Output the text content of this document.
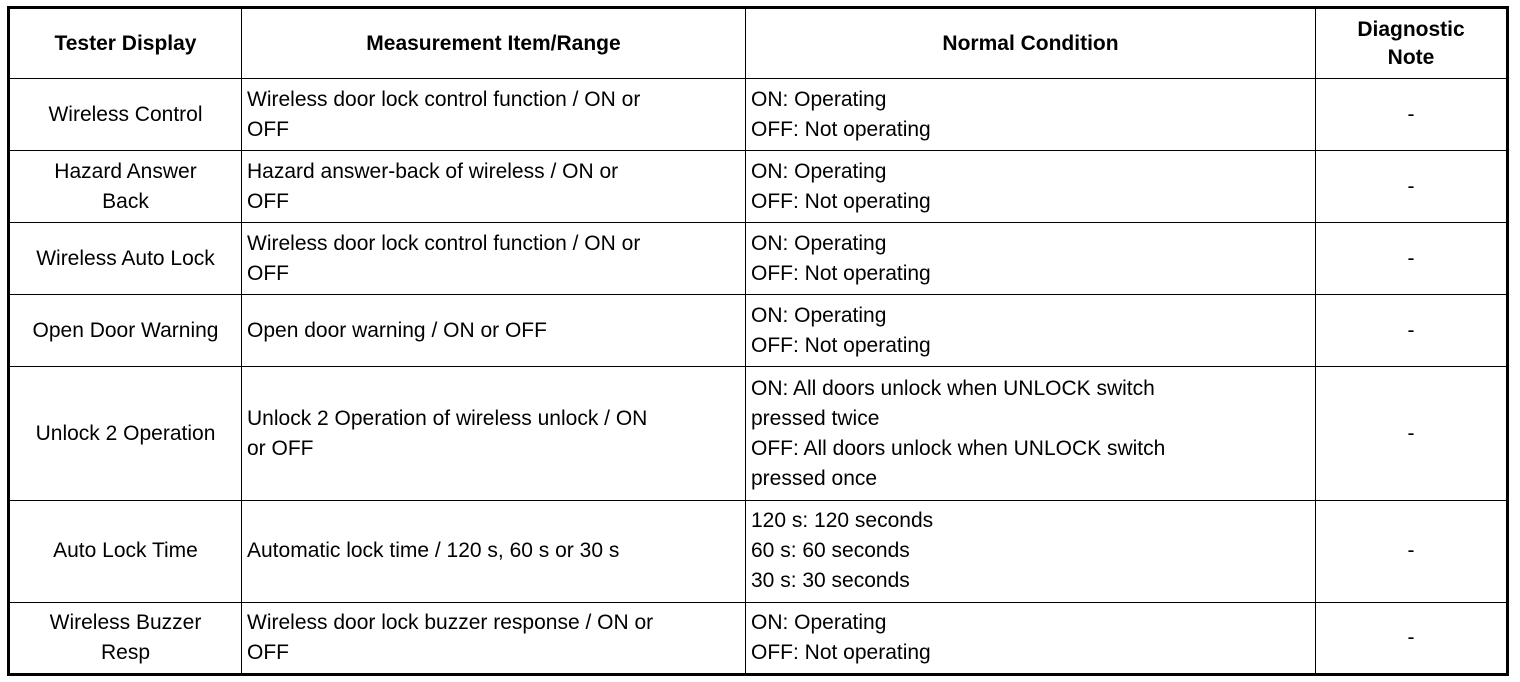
Tester Display	Measurement Item/Range	Normal Condition	Diagnostic
Note

Wireless Control	Wireless door lock control function / ON or
OFF	ON: Operating
OFF: Not operating	-

Hazard Answer
Back	Hazard answer-back of wireless / ON or
OFF	ON: Operating
OFF: Not operating	-

Wireless Auto Lock	Wireless door lock control function / ON or
OFF	ON: Operating
OFF: Not operating	-

Open Door Warning	Open door warning / ON or OFF	ON: Operating
OFF: Not operating	-

Unlock 2 Operation	Unlock 2 Operation of wireless unlock / ON
or OFF	ON: All doors unlock when UNLOCK switch
pressed twice
OFF: All doors unlock when UNLOCK switch
pressed once	-

Auto Lock Time	Automatic lock time / 120 s, 60 s or 30 s	120 s: 120 seconds
60 s: 60 seconds
30 s: 30 seconds	-

Wireless Buzzer
Resp	Wireless door lock buzzer response / ON or
OFF	ON: Operating
OFF: Not operating	-
